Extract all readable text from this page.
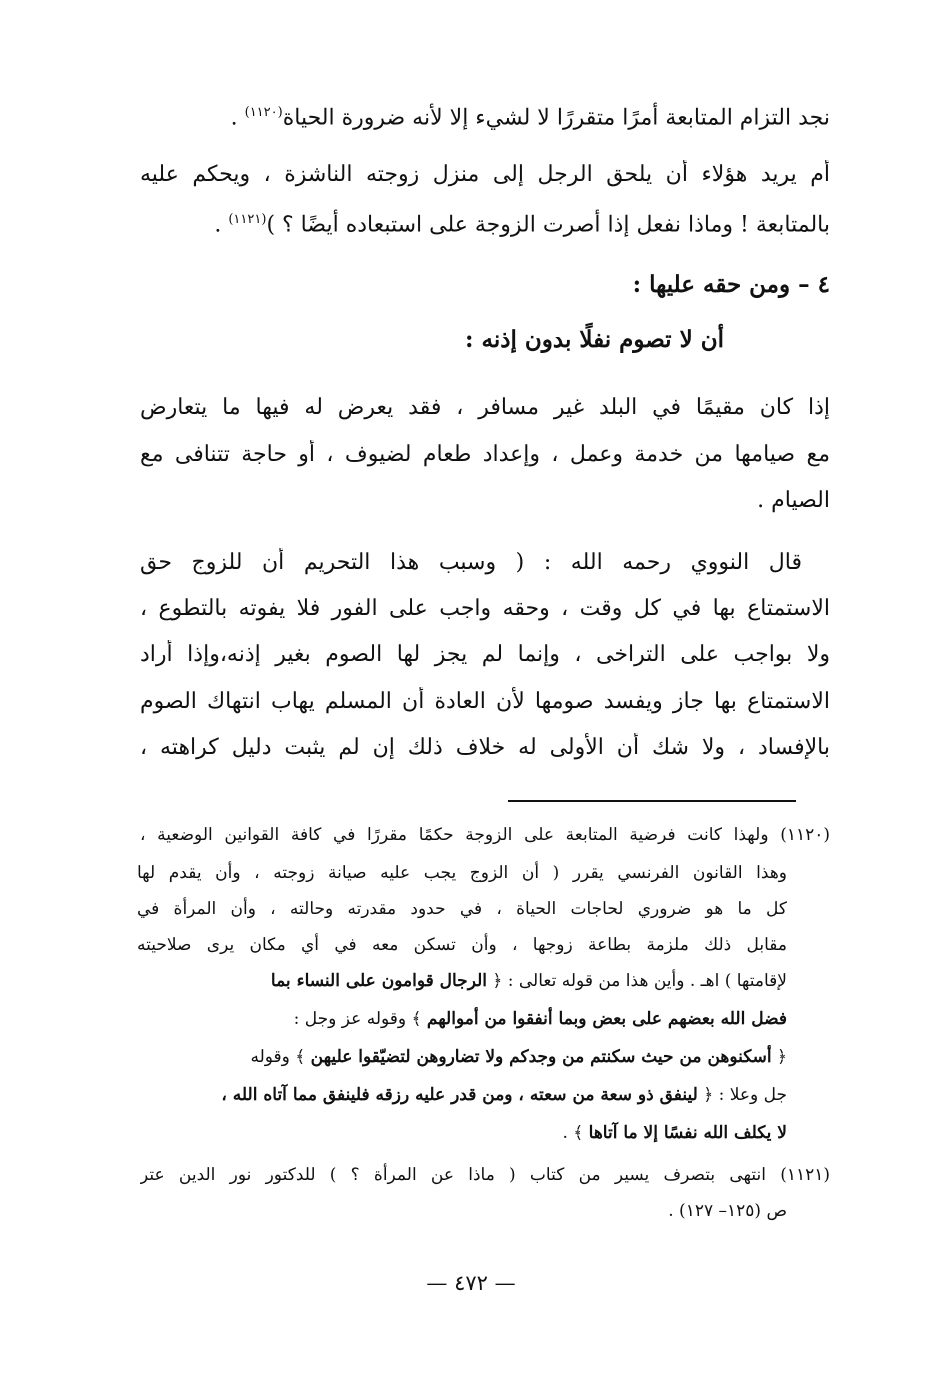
نجد التزام المتابعة أمرًا متقررًا لا لشيء إلا لأنه ضرورة الحياة$^{(١١٢٠)}$ .
أم يريد هؤلاء أن يلحق الرجل إلى منزل زوجته الناشزة ، ويحكم عليه
بالمتابعة ! وماذا نفعل إذا أصرت الزوجة على استبعاده أيضًا ؟ )$^{(١١٢١)}$ .
٤ – ومن حقه عليها :
أن لا تصوم نفلًا بدون إذنه :
إذا كان مقيمًا في البلد غير مسافر ، فقد يعرض له فيها ما يتعارض
مع صيامها من خدمة وعمل ، وإعداد طعام لضيوف ، أو حاجة تتنافى مع
الصيام .
قال النووي رحمه الله : ( وسبب هذا التحريم أن للزوج حق
الاستمتاع بها في كل وقت ، وحقه واجب على الفور فلا يفوته بالتطوع ،
ولا بواجب على التراخى ، وإنما لم يجز لها الصوم بغير إذنه،وإذا أراد
الاستمتاع بها جاز ويفسد صومها لأن العادة أن المسلم يهاب انتهاك الصوم
بالإفساد ، ولا شك أن الأولى له خلاف ذلك إن لم يثبت دليل كراهته ،
(١١٢٠) ولهذا كانت فرضية المتابعة على الزوجة حكمًا مقررًا في كافة القوانين الوضعية ،
وهذا القانون الفرنسي يقرر ( أن الزوج يجب عليه صيانة زوجته ، وأن يقدم لها
كل ما هو ضروري لحاجات الحياة ، في حدود مقدرته وحالته ، وأن المرأة في
مقابل ذلك ملزمة بطاعة زوجها ، وأن تسكن معه في أي مكان يرى صلاحيته
لإقامتها ) اهـ . وأين هذا من قوله تعالى : ﴿ الرجال قوامون على النساء بما
فضل الله بعضهم على بعض وبما أنفقوا من أموالهم ﴾ وقوله عز وجل :
﴿ أسكنوهن من حيث سكنتم من وجدكم ولا تضاروهن لتضيّقوا عليهن ﴾ وقوله
جل وعلا : ﴿ لينفق ذو سعة من سعته ، ومن قدر عليه رزقه فلينفق مما آتاه الله ،
لا يكلف الله نفسًا إلا ما آتاها ﴾ .
(١١٢١) انتهى بتصرف يسير من كتاب ( ماذا عن المرأة ؟ ) للدكتور نور الدين عتر
ص (١٢٥– ١٢٧) .
— ٤٧٢ —
